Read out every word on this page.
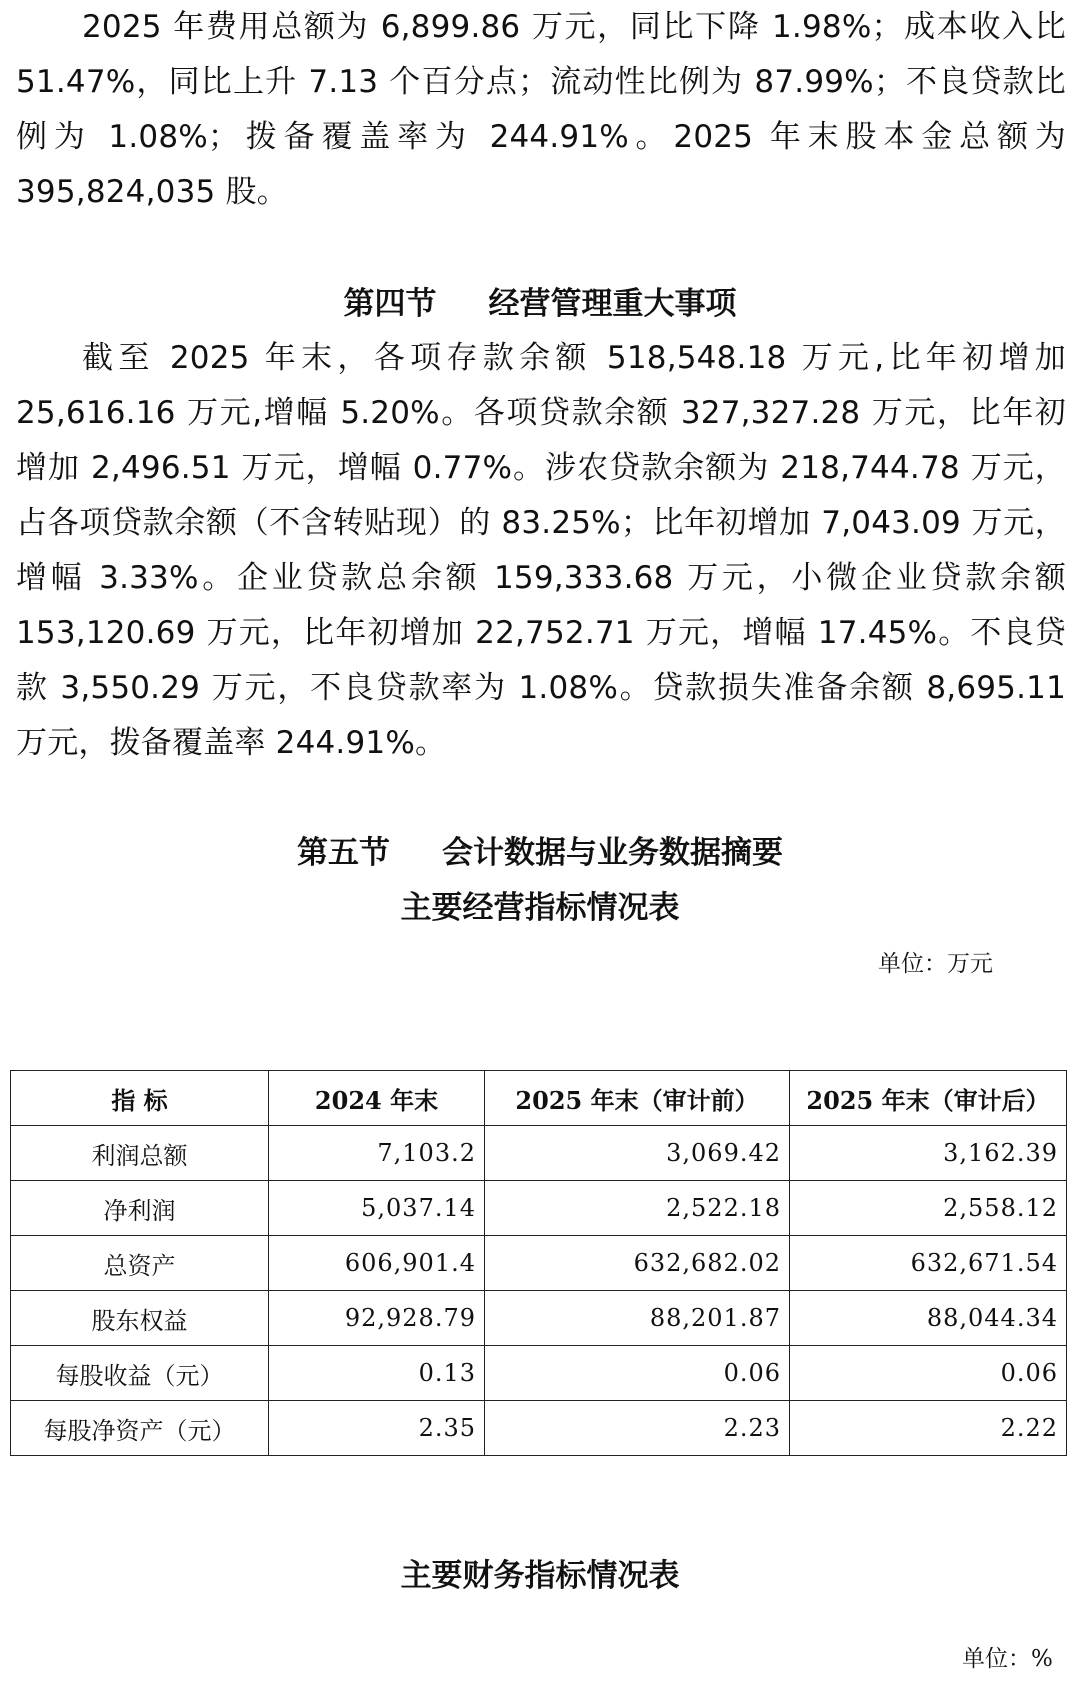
2025 年费用总额为 6,899.86 万元，同比下降 1.98%；成本收入比 51.47%，同比上升 7.13 个百分点；流动性比例为 87.99%；不良贷款比例为 1.08%；拨备覆盖率为 244.91%。2025 年末股本金总额为 395,824,035 股。

第四节 经营管理重大事项

截至 2025 年末，各项存款余额 518,548.18 万元,比年初增加 25,616.16 万元,增幅 5.20%。各项贷款余额 327,327.28 万元，比年初增加 2,496.51 万元，增幅 0.77%。涉农贷款余额为 218,744.78 万元，占各项贷款余额（不含转贴现）的 83.25%；比年初增加 7,043.09 万元，增幅 3.33%。企业贷款总余额 159,333.68 万元，小微企业贷款余额 153,120.69 万元，比年初增加 22,752.71 万元，增幅 17.45%。不良贷款 3,550.29 万元，不良贷款率为 1.08%。贷款损失准备余额 8,695.11 万元，拨备覆盖率 244.91%。

第五节 会计数据与业务数据摘要
主要经营指标情况表
单位：万元
指 标	2024 年末	2025 年末（审计前）	2025 年末（审计后）
利润总额	7,103.2	3,069.42	3,162.39
净利润	5,037.14	2,522.18	2,558.12
总资产	606,901.4	632,682.02	632,671.54
股东权益	92,928.79	88,201.87	88,044.34
每股收益（元）	0.13	0.06	0.06
每股净资产（元）	2.35	2.23	2.22
主要财务指标情况表
单位：%
